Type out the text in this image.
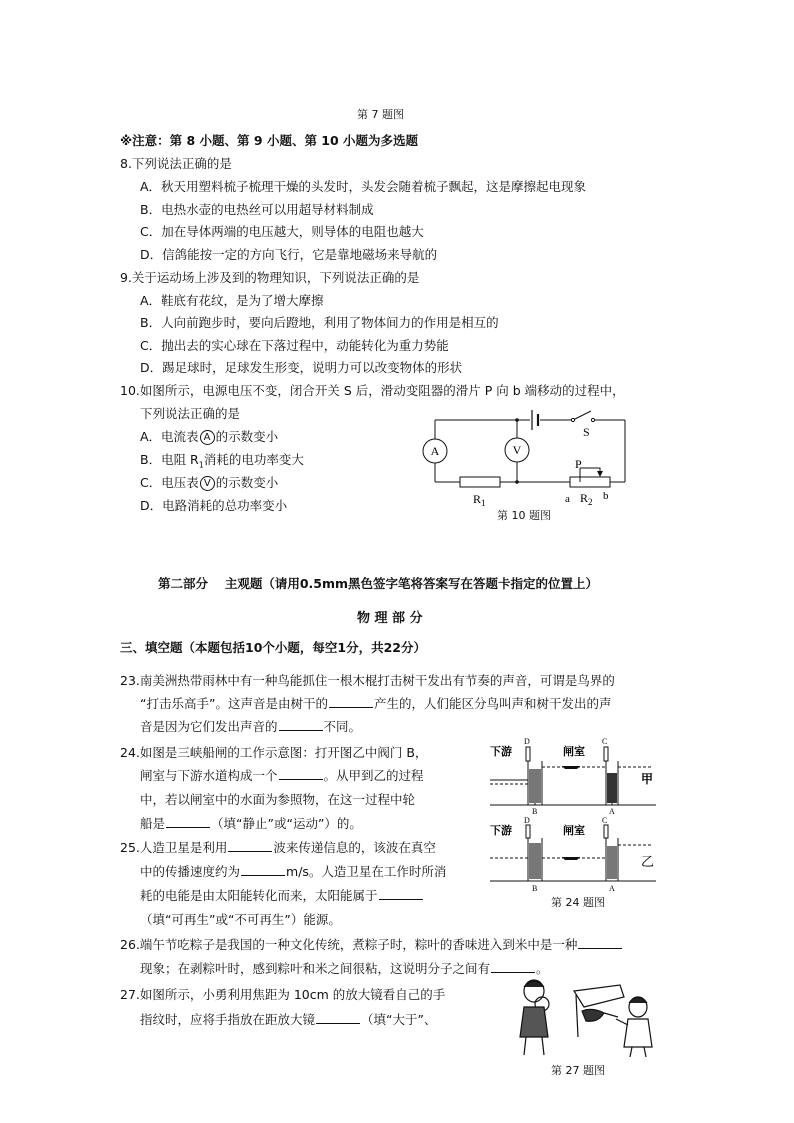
第 7 题图
※注意：第 8 小题、第 9 小题、第 10 小题为多选题
8.下列说法正确的是
A．秋天用塑料梳子梳理干燥的头发时，头发会随着梳子飘起，这是摩擦起电现象
B．电热水壶的电热丝可以用超导材料制成
C．加在导体两端的电压越大，则导体的电阻也越大
D．信鸽能按一定的方向飞行，它是靠地磁场来导航的
9.关于运动场上涉及到的物理知识，下列说法正确的是
A．鞋底有花纹，是为了增大摩擦
B．人向前跑步时，要向后蹬地，利用了物体间力的作用是相互的
C．抛出去的实心球在下落过程中，动能转化为重力势能
D．踢足球时，足球发生形变，说明力可以改变物体的形状
10.如图所示，电源电压不变，闭合开关 S 后，滑动变阻器的滑片 P 向 b 端移动的过程中，
下列说法正确的是
A．电流表 A 的示数变小
B．电阻 $R_1$消耗的电功率变大
C．电压表 V 的示数变小
D．电路消耗的总功率变小
A	V
S
P
$R_1$	a $R_2$ b
第 10 题图
第二部分　 主观题（请用0.5mm黑色签字笔将答案写在答题卡指定的位置上）
物 理 部 分
三、填空题（本题包括10个小题，每空1分，共22分）
23.南美洲热带雨林中有一种鸟能抓住一根木棍打击树干发出有节奏的声音，可谓是鸟界的
“打击乐高手”。这声音是由树干的	产生的，人们能区分鸟叫声和树干发出的声
音是因为它们发出声音的	不同。
24.如图是三峡船闸的工作示意图：打开图乙中阀门 B，
闸室与下游水道构成一个	。从甲到乙的过程
中，若以闸室中的水面为参照物，在这一过程中轮
船是	（填“静止”或“运动”）的。
下游	闸室
D	C
B	A
甲
下游	闸室
D	C
B	A
乙
第 24 题图
25.人造卫星是利用	波来传递信息的，该波在真空
中的传播速度约为	m/s。人造卫星在工作时所消
耗的电能是由太阳能转化而来，太阳能属于
（填“可再生”或“不可再生”）能源。
26.端午节吃粽子是我国的一种文化传统，煮粽子时，粽叶的香味进入到米中是一种
现象；在剥粽叶时，感到粽叶和米之间很粘，这说明分子之间有	。
27.如图所示，小勇利用焦距为 10cm 的放大镜看自己的手
指纹时，应将手指放在距放大镜	（填“大于”、
第 27 题图
